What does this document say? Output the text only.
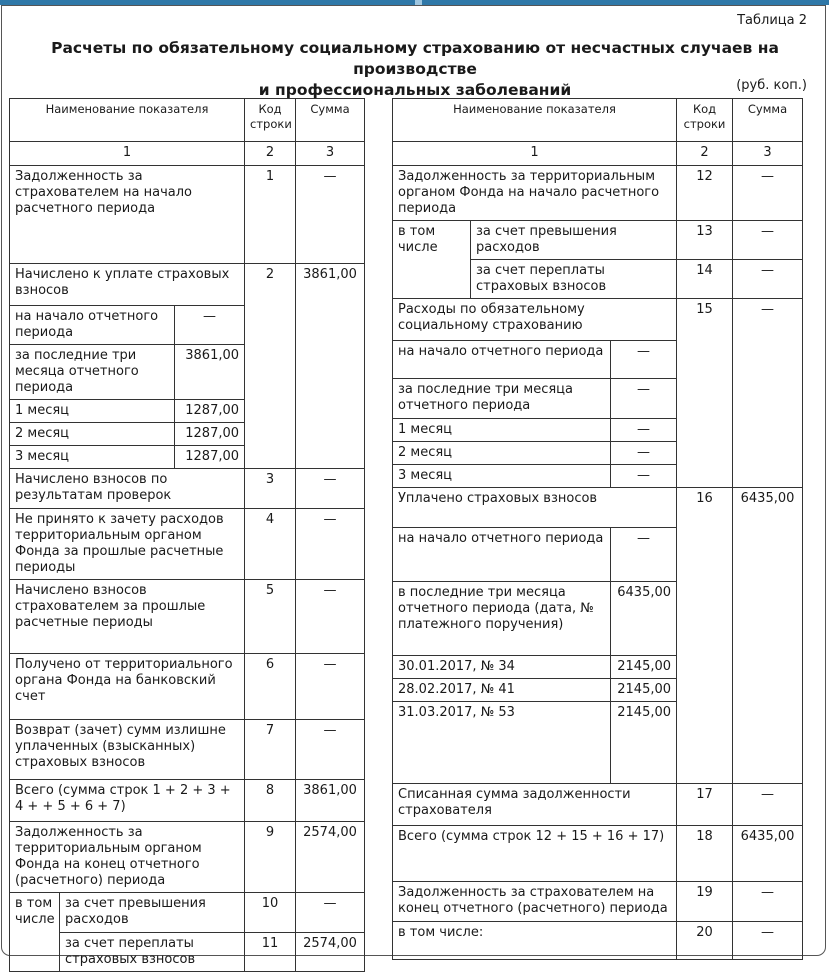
Таблица 2
Расчеты по обязательному социальному страхованию от несчастных случаев на производстве
и профессиональных заболеваний	(руб. коп.)
Наименование показателя			Код
строки	Сумма
1			2	3
Задолженность за страхователем на начало расчетного периода			1	—
Начислено к уплате страховых взносов			2	3861,00
на начало отчетного периода		—		
за последние три месяца отчетного периода		3861,00		
1 месяц		1287,00		
2 месяц		1287,00		
3 месяц		1287,00		
Начислено взносов по результатам проверок			3	—
Не принято к зачету расходов территориальным органом Фонда за прошлые расчетные периоды			4	—
Начислено взносов страхователем за прошлые расчетные периоды			5	—
Получено от территориального органа Фонда на банковский счет			6	—
Возврат (зачет) сумм излишне уплаченных (взысканных) страховых взносов			7	—
Всего (сумма строк 1 + 2 + 3 + 4 + + 5 + 6 + 7)			8	3861,00
Задолженность за территориальным органом Фонда на конец отчетного (расчетного) периода			9	2574,00
в том числе	за счет превышения расходов		10	—
	за счет переплаты страховых взносов		11	2574,00
Наименование показателя			Код
строки	Сумма
1			2	3
Задолженность за территориальным органом Фонда на начало расчетного периода			12	—
в том числе	за счет превышения расходов		13	—
	за счет переплаты страховых взносов		14	—
Расходы по обязательному социальному страхованию			15	—
на начало отчетного периода		—		
за последние три месяца отчетного периода		—		
1 месяц		—		
2 месяц		—		
3 месяц		—		
Уплачено страховых взносов			16	6435,00
на начало отчетного периода		—		
в последние три месяца отчетного периода (дата, № платежного поручения)		6435,00		
30.01.2017, № 34		2145,00		
28.02.2017, № 41		2145,00		
31.03.2017, № 53		2145,00		
Списанная сумма задолженности страхователя			17	—
Всего (сумма строк 12 + 15 + 16 + 17)			18	6435,00
Задолженность за страхователем на конец отчетного (расчетного) периода			19	—
в том числе:			20	—
